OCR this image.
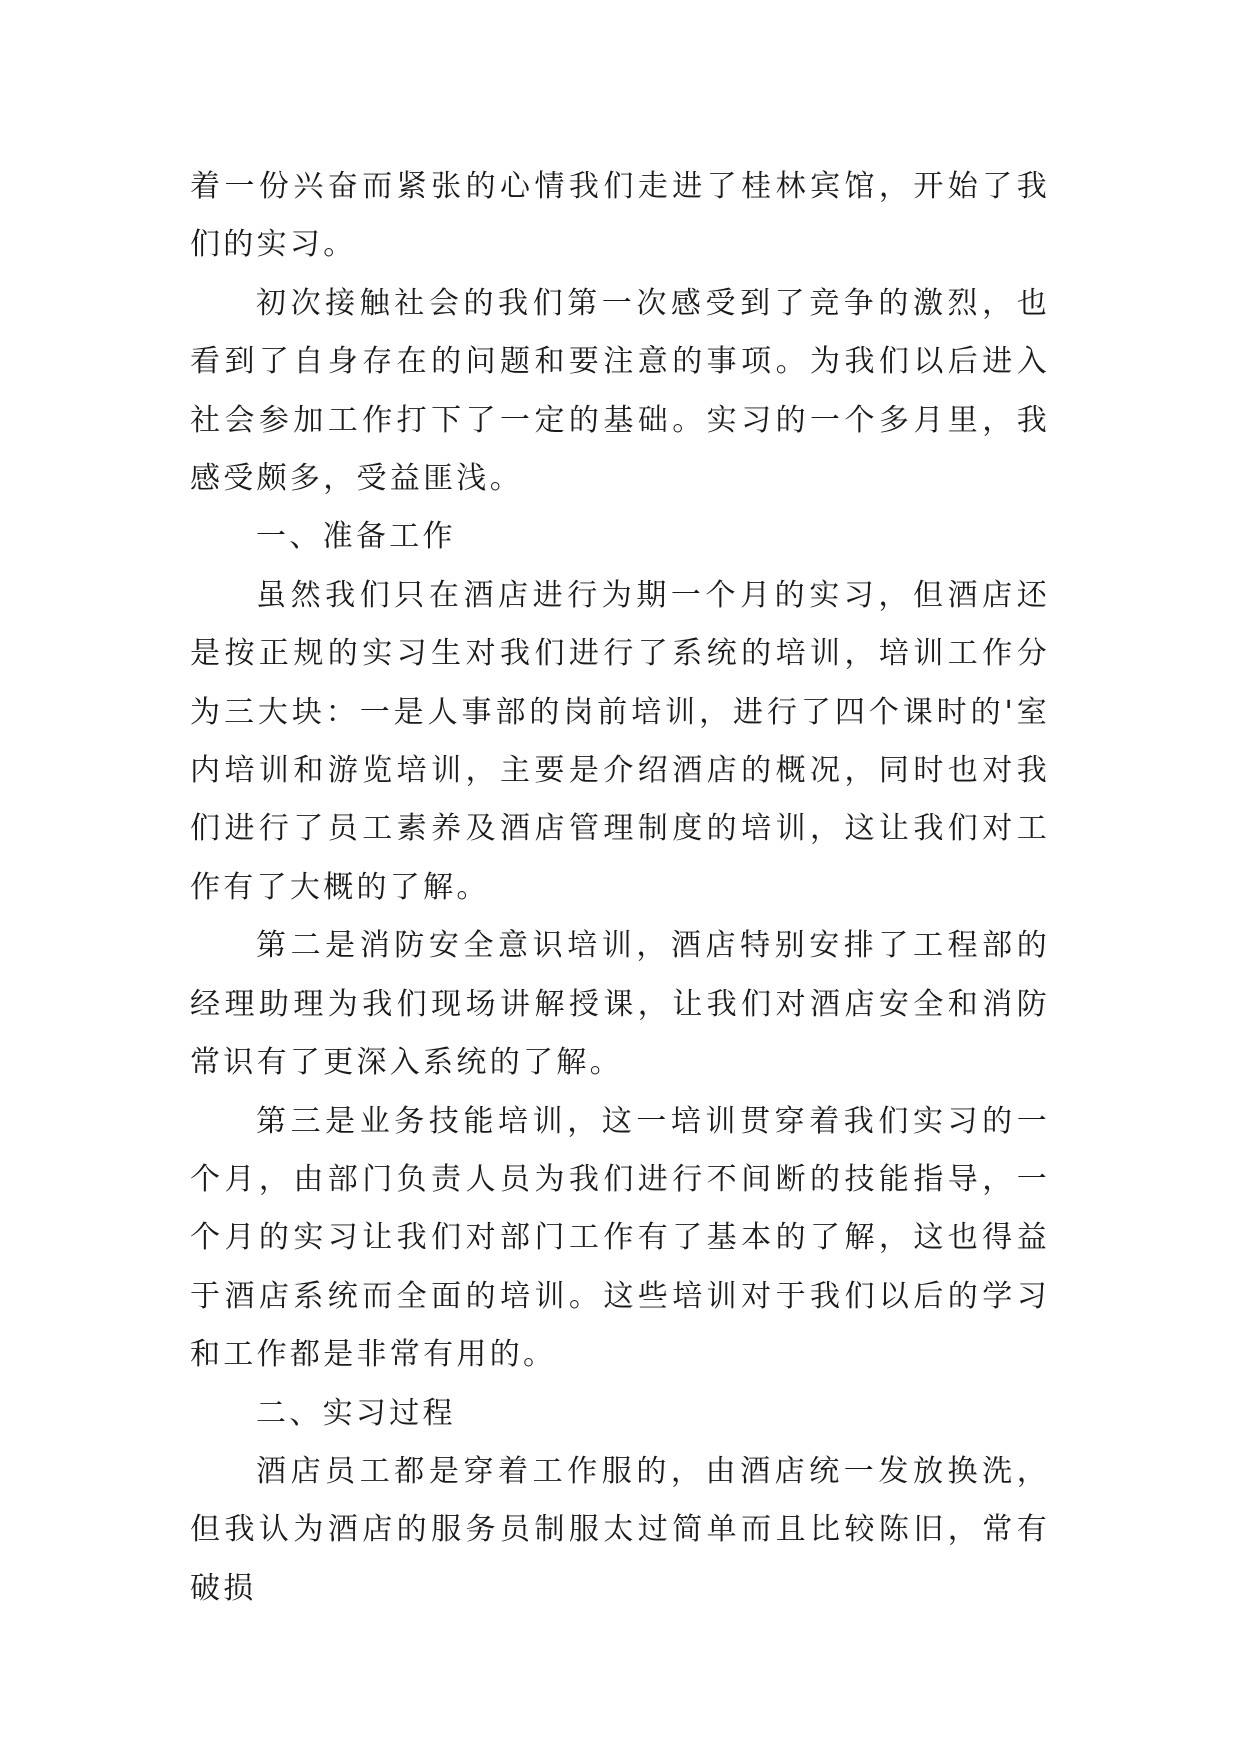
着一份兴奋而紧张的心情我们走进了桂林宾馆，开始了我们的实习。

初次接触社会的我们第一次感受到了竞争的激烈，也看到了自身存在的问题和要注意的事项。为我们以后进入社会参加工作打下了一定的基础。实习的一个多月里，我感受颇多，受益匪浅。

一、准备工作

虽然我们只在酒店进行为期一个月的实习，但酒店还是按正规的实习生对我们进行了系统的培训，培训工作分为三大块：一是人事部的岗前培训，进行了四个课时的'室内培训和游览培训，主要是介绍酒店的概况，同时也对我们进行了员工素养及酒店管理制度的培训，这让我们对工作有了大概的了解。

第二是消防安全意识培训，酒店特别安排了工程部的经理助理为我们现场讲解授课，让我们对酒店安全和消防常识有了更深入系统的了解。

第三是业务技能培训，这一培训贯穿着我们实习的一个月，由部门负责人员为我们进行不间断的技能指导，一个月的实习让我们对部门工作有了基本的了解，这也得益于酒店系统而全面的培训。这些培训对于我们以后的学习和工作都是非常有用的。

二、实习过程

酒店员工都是穿着工作服的，由酒店统一发放换洗，但我认为酒店的服务员制服太过简单而且比较陈旧，常有破损
